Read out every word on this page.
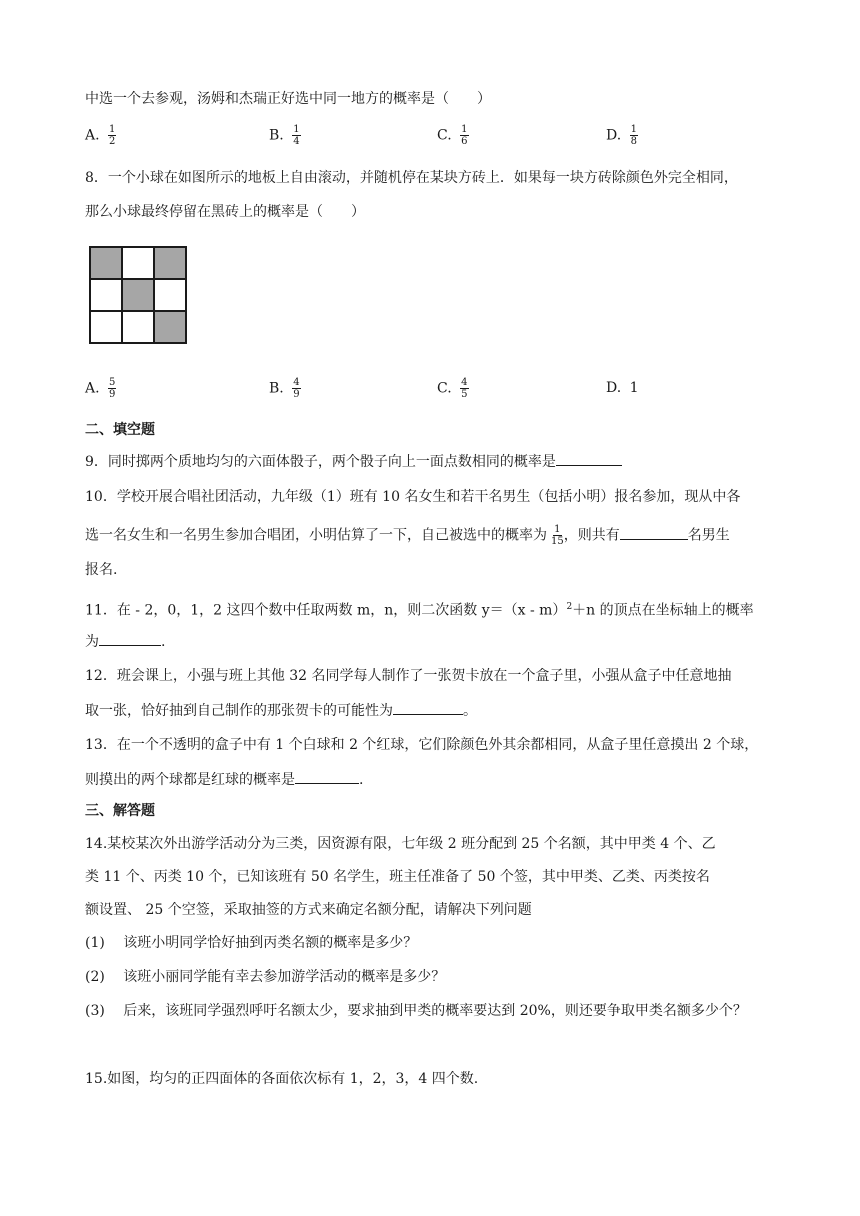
中选一个去参观，汤姆和杰瑞正好选中同一地方的概率是（　　）
A. $\frac{1}{2}$	B. $\frac{1}{4}$	C. $\frac{1}{6}$	D. $\frac{1}{8}$
8．一个小球在如图所示的地板上自由滚动，并随机停在某块方砖上．如果每一块方砖除颜色外完全相同，
那么小球最终停留在黑砖上的概率是（　　）
A. $\frac{5}{9}$	B. $\frac{4}{9}$	C. $\frac{4}{5}$	D. 1
二、填空题
9．同时掷两个质地均匀的六面体骰子，两个骰子向上一面点数相同的概率是
10．学校开展合唱社团活动，九年级（1）班有 10 名女生和若干名男生（包括小明）报名参加，现从中各
选一名女生和一名男生参加合唱团，小明估算了一下，自己被选中的概率为 $\frac{1}{15}$ ，则共有	名男生
报名.
11．在 - 2，0，1，2 这四个数中任取两数 m，n，则二次函数 y＝（x - m）$^2$＋n 的顶点在坐标轴上的概率
为	.
12．班会课上，小强与班上其他 32 名同学每人制作了一张贺卡放在一个盒子里，小强从盒子中任意地抽
取一张，恰好抽到自己制作的那张贺卡的可能性为	。
13．在一个不透明的盒子中有 1 个白球和 2 个红球，它们除颜色外其余都相同，从盒子里任意摸出 2 个球，
则摸出的两个球都是红球的概率是	.
三、解答题
14.某校某次外出游学活动分为三类，因资源有限，七年级 2 班分配到 25 个名额，其中甲类 4 个、乙
类 11 个、丙类 10 个，已知该班有 50 名学生，班主任准备了 50 个签，其中甲类、乙类、丙类按名
额设置、 25 个空签，采取抽签的方式来确定名额分配，请解决下列问题
(1)　 该班小明同学恰好抽到丙类名额的概率是多少？
(2)　 该班小丽同学能有幸去参加游学活动的概率是多少？
(3)　 后来，该班同学强烈呼吁名额太少，要求抽到甲类的概率要达到 20%，则还要争取甲类名额多少个？
15.如图，均匀的正四面体的各面依次标有 1，2，3，4 四个数.
